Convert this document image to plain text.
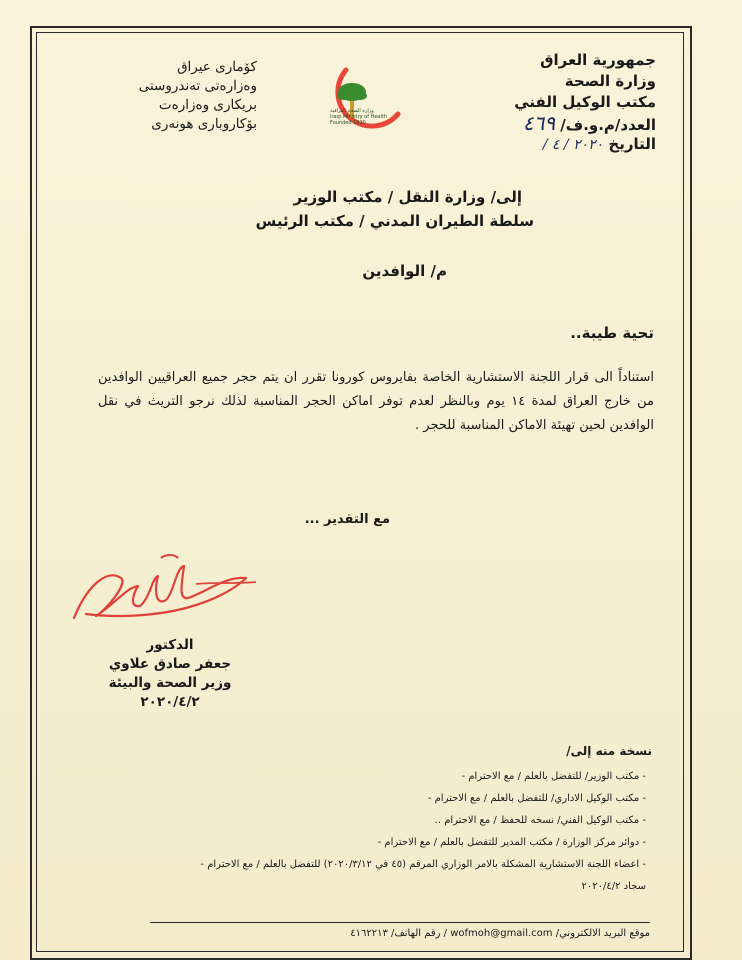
جمهورية العراق
وزارة الصحة
مكتب الوكيل الفني
العدد/م.و.ف/ ٤٦٩
التاريخ ٢٠٢٠ / ٤ /
كۆمارى عيراق
وەزارەتى تەندروستى
بريكارى وەزارەت
بۆكاروبارى هونەرى
وزارة الصحة العراقية
Iraqi Ministry of Health
Founded 1920
إلى/ وزارة النقل / مكتب الوزير
سلطة الطيران المدني / مكتب الرئيس
م/ الوافدين
تحية طيبة..
استناداً الى قرار اللجنة الاستشارية الخاصة بفايروس كورونا تقرر ان يتم حجر جميع العراقيين الوافدين من خارج العراق لمدة ١٤ يوم وبالنظر لعدم توفر اماكن الحجر المناسبة لذلك نرجو التريث في نقل الوافدين لحين تهيئة الاماكن المناسبة للحجر .
مع التقدير ...
الدكتور
جعفر صادق علاوي
وزير الصحة والبيئة
٢٠٢٠/٤/٢
نسخة منه إلى/
- مكتب الوزير/ للتفضل بالعلم / مع الاحترام -
- مكتب الوكيل الاداري/ للتفضل بالعلم / مع الاحترام -
- مكتب الوكيل الفني/ نسخه للحفظ / مع الاحترام ..
- دوائر مركز الوزارة / مكتب المدير للتفضل بالعلم / مع الاحترام -
- اعضاء اللجنة الاستشارية المشكلة بالامر الوزاري المرقم (٤٥ في ٢٠٢٠/٣/١٢) للتفضل بالعلم / مع الاحترام -
سجاد ٢٠٢٠/٤/٢
موقع البريد الالكتروني/ wofmoh@gmail.com / رقم الهاتف/ ٤١٦٢٢١٣
